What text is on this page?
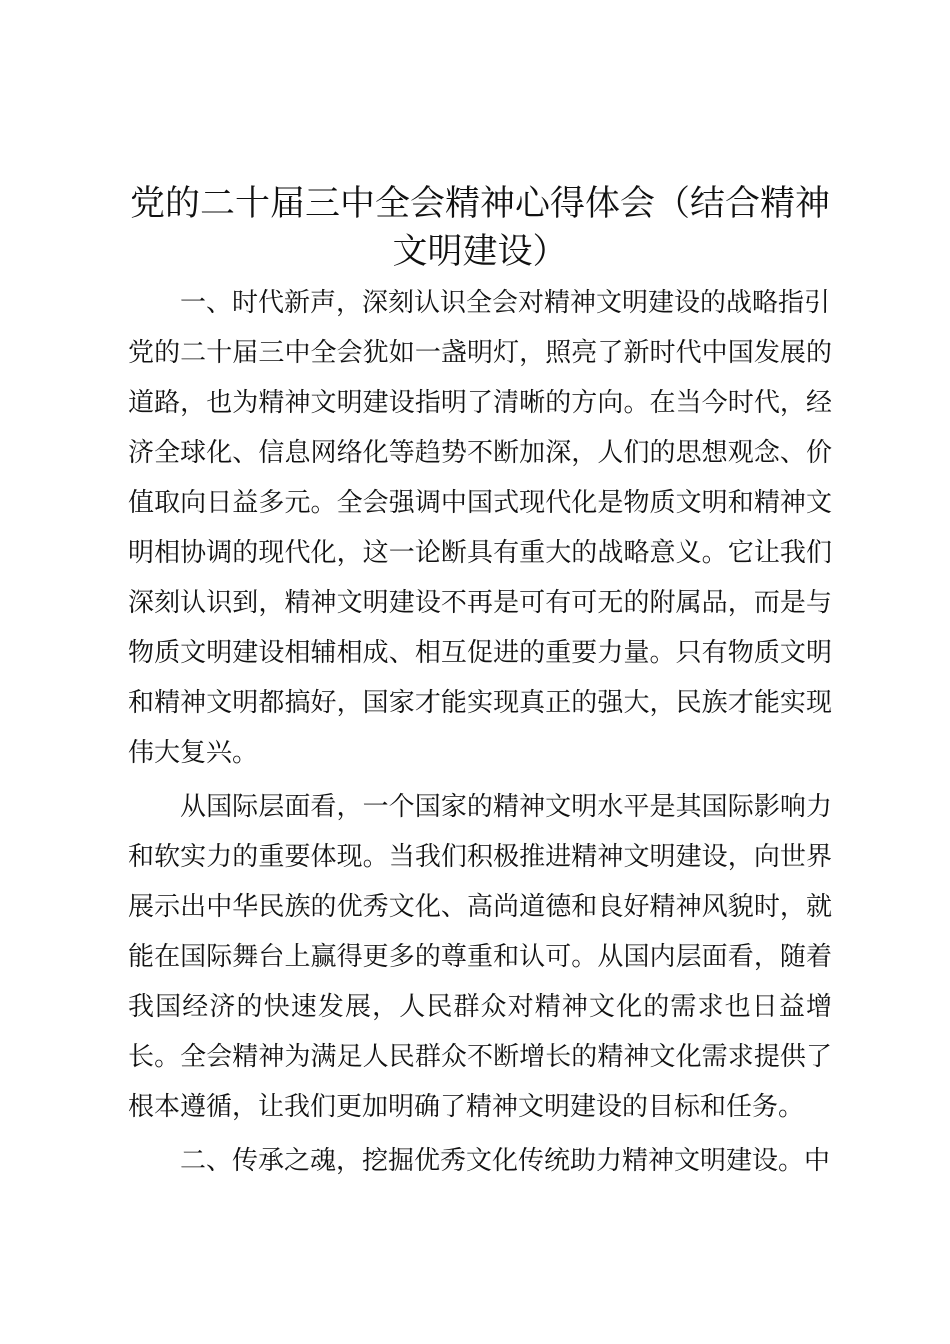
党的二十届三中全会精神心得体会（结合精神文明建设）

一、时代新声，深刻认识全会对精神文明建设的战略指引

党的二十届三中全会犹如一盏明灯，照亮了新时代中国发展的道路，也为精神文明建设指明了清晰的方向。在当今时代，经济全球化、信息网络化等趋势不断加深，人们的思想观念、价值取向日益多元。全会强调中国式现代化是物质文明和精神文明相协调的现代化，这一论断具有重大的战略意义。它让我们深刻认识到，精神文明建设不再是可有可无的附属品，而是与物质文明建设相辅相成、相互促进的重要力量。只有物质文明和精神文明都搞好，国家才能实现真正的强大，民族才能实现伟大复兴。

从国际层面看，一个国家的精神文明水平是其国际影响力和软实力的重要体现。当我们积极推进精神文明建设，向世界展示出中华民族的优秀文化、高尚道德和良好精神风貌时，就能在国际舞台上赢得更多的尊重和认可。从国内层面看，随着我国经济的快速发展，人民群众对精神文化的需求也日益增长。全会精神为满足人民群众不断增长的精神文化需求提供了根本遵循，让我们更加明确了精神文明建设的目标和任务。

二、传承之魂，挖掘优秀文化传统助力精神文明建设。中
